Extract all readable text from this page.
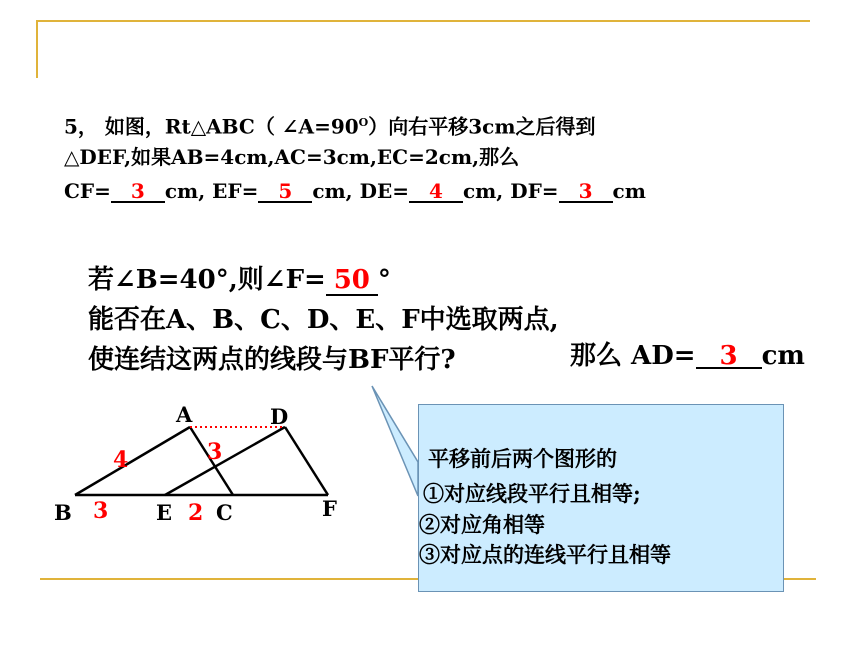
5， 如图，Rt△ABC（ $\angle A=90^O$）向右平移3cm之后得到
△DEF,如果AB=4cm,AC=3cm,EC=2cm,那么
CF= 3 cm, EF= 5 cm, DE= 4 cm, DF= 3 cm
若∠B=40°,则∠F= 50 °
能否在A、B、C、D、E、F中选取两点,
使连结这两点的线段与BF平行?	那么 AD= 3 cm
A	D
B	E C	F
4	3
3	2
平移前后两个图形的
①对应线段平行且相等;
②对应角相等
③对应点的连线平行且相等
